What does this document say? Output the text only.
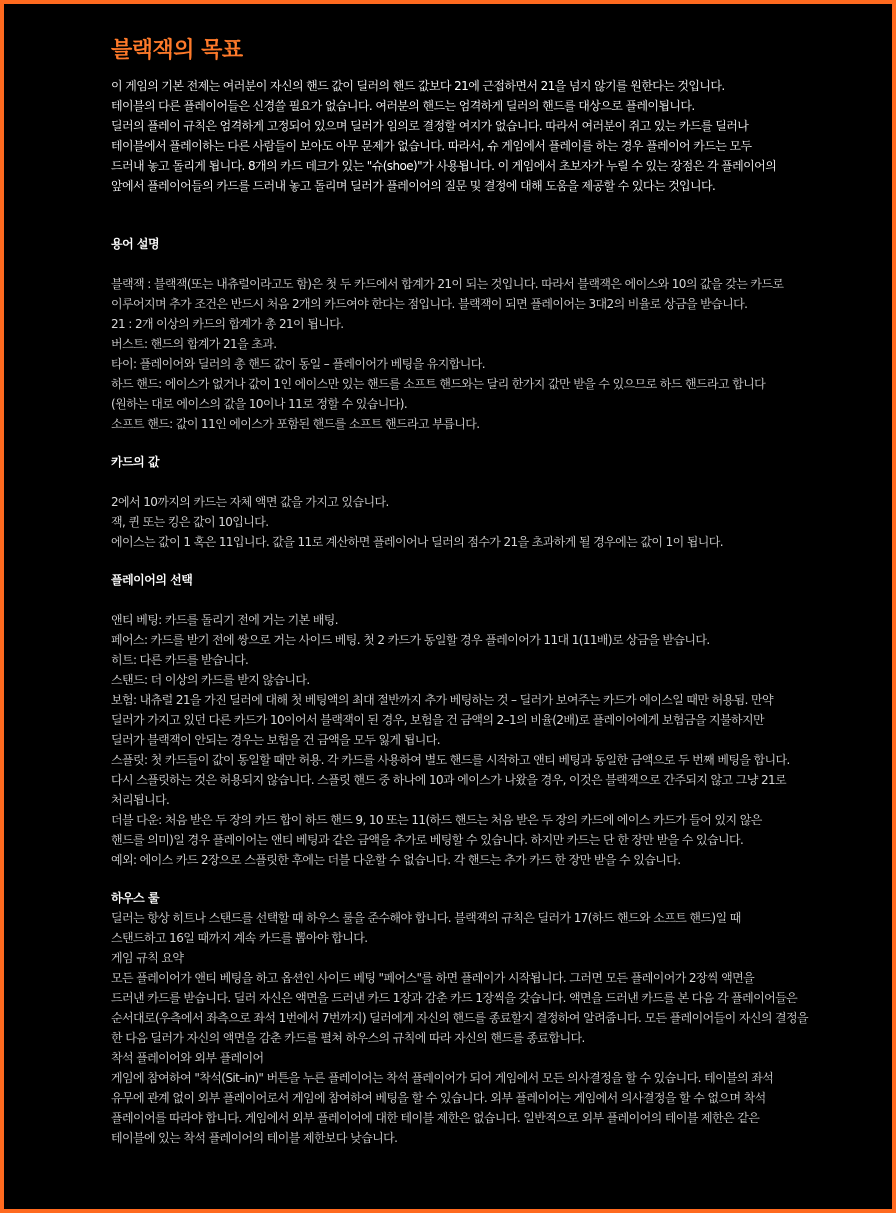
블랙잭의 목표

이 게임의 기본 전제는 여러분이 자신의 핸드 값이 딜러의 핸드 값보다 21에 근접하면서 21을 넘지 않기를 원한다는 것입니다.

테이블의 다른 플레이어들은 신경쓸 필요가 없습니다. 여러분의 핸드는 엄격하게 딜러의 핸드를 대상으로 플레이됩니다.

딜러의 플레이 규칙은 엄격하게 고정되어 있으며 딜러가 임의로 결정할 여지가 없습니다. 따라서 여러분이 쥐고 있는 카드를 딜러나

테이블에서 플레이하는 다른 사람들이 보아도 아무 문제가 없습니다. 따라서, 슈 게임에서 플레이를 하는 경우 플레이어 카드는 모두

드러내 놓고 돌리게 됩니다. 8개의 카드 데크가 있는 "슈(shoe)"가 사용됩니다. 이 게임에서 초보자가 누릴 수 있는 장점은 각 플레이어의

앞에서 플레이어들의 카드를 드러내 놓고 돌리며 딜러가 플레이어의 질문 및 결정에 대해 도움을 제공할 수 있다는 것입니다.

용어 설명

블랙잭 : 블랙잭(또는 내츄럴이라고도 함)은 첫 두 카드에서 합계가 21이 되는 것입니다. 따라서 블랙잭은 에이스와 10의 값을 갖는 카드로

이루어지며 추가 조건은 반드시 처음 2개의 카드여야 한다는 점입니다. 블랙잭이 되면 플레이어는 3대2의 비율로 상금을 받습니다.

21 : 2개 이상의 카드의 합계가 총 21이 됩니다.

버스트: 핸드의 합계가 21을 초과.

타이: 플레이어와 딜러의 총 핸드 값이 동일 – 플레이어가 베팅을 유지합니다.

하드 핸드: 에이스가 없거나 값이 1인 에이스만 있는 핸드를 소프트 핸드와는 달리 한가지 값만 받을 수 있으므로 하드 핸드라고 합니다

(원하는 대로 에이스의 값을 10이나 11로 정할 수 있습니다).

소프트 핸드: 값이 11인 에이스가 포함된 핸드를 소프트 핸드라고 부릅니다.

카드의 값

2에서 10까지의 카드는 자체 액면 값을 가지고 있습니다.

잭, 퀸 또는 킹은 값이 10입니다.

에이스는 값이 1 혹은 11입니다. 값을 11로 계산하면 플레이어나 딜러의 점수가 21을 초과하게 될 경우에는 값이 1이 됩니다.

플레이어의 선택

앤티 베팅: 카드를 돌리기 전에 거는 기본 배팅.

페어스: 카드를 받기 전에 쌍으로 거는 사이드 베팅. 첫 2 카드가 동일할 경우 플레이어가 11대 1(11배)로 상금을 받습니다.

히트: 다른 카드를 받습니다.

스탠드: 더 이상의 카드를 받지 않습니다.

보험: 내츄럴 21을 가진 딜러에 대해 첫 베팅액의 최대 절반까지 추가 베팅하는 것 – 딜러가 보여주는 카드가 에이스일 때만 허용됨. 만약

딜러가 가지고 있던 다른 카드가 10이어서 블랙잭이 된 경우, 보험을 건 금액의 2–1의 비율(2배)로 플레이어에게 보험금을 지불하지만

딜러가 블랙잭이 안되는 경우는 보험을 건 금액을 모두 잃게 됩니다.

스플릿: 첫 카드들이 값이 동일할 때만 허용. 각 카드를 사용하여 별도 핸드를 시작하고 앤티 베팅과 동일한 금액으로 두 번째 베팅을 합니다.

다시 스플릿하는 것은 허용되지 않습니다. 스플릿 핸드 중 하나에 10과 에이스가 나왔을 경우, 이것은 블랙잭으로 간주되지 않고 그냥 21로

처리됩니다.

더블 다운: 처음 받은 두 장의 카드 합이 하드 핸드 9, 10 또는 11(하드 핸드는 처음 받은 두 장의 카드에 에이스 카드가 들어 있지 않은

핸드를 의미)일 경우 플레이어는 앤티 베팅과 같은 금액을 추가로 베팅할 수 있습니다. 하지만 카드는 단 한 장만 받을 수 있습니다.

예외: 에이스 카드 2장으로 스플릿한 후에는 더블 다운할 수 없습니다. 각 핸드는 추가 카드 한 장만 받을 수 있습니다.

하우스 룰

딜러는 항상 히트나 스탠드를 선택할 때 하우스 룰을 준수해야 합니다. 블랙잭의 규칙은 딜러가 17(하드 핸드와 소프트 핸드)일 때

스탠드하고 16일 때까지 계속 카드를 뽑아야 합니다.

게임 규칙 요약

모든 플레이어가 앤티 베팅을 하고 옵션인 사이드 베팅 "페어스"를 하면 플레이가 시작됩니다. 그러면 모든 플레이어가 2장씩 액면을

드러낸 카드를 받습니다. 딜러 자신은 액면을 드러낸 카드 1장과 감춘 카드 1장씩을 갖습니다. 액면을 드러낸 카드를 본 다음 각 플레이어들은

순서대로(우측에서 좌측으로 좌석 1번에서 7번까지) 딜러에게 자신의 핸드를 종료할지 결정하여 알려줍니다. 모든 플레이어들이 자신의 결정을

한 다음 딜러가 자신의 액면을 감춘 카드를 펼쳐 하우스의 규칙에 따라 자신의 핸드를 종료합니다.

착석 플레이어와 외부 플레이어

게임에 참여하여 "착석(Sit–in)" 버튼을 누른 플레이어는 착석 플레이어가 되어 게임에서 모든 의사결정을 할 수 있습니다. 테이블의 좌석

유무에 관계 없이 외부 플레이어로서 게임에 참여하여 베팅을 할 수 있습니다. 외부 플레이어는 게임에서 의사결정을 할 수 없으며 착석

플레이어를 따라야 합니다. 게임에서 외부 플레이어에 대한 테이블 제한은 없습니다. 일반적으로 외부 플레이어의 테이블 제한은 같은

테이블에 있는 착석 플레이어의 테이블 제한보다 낮습니다.
